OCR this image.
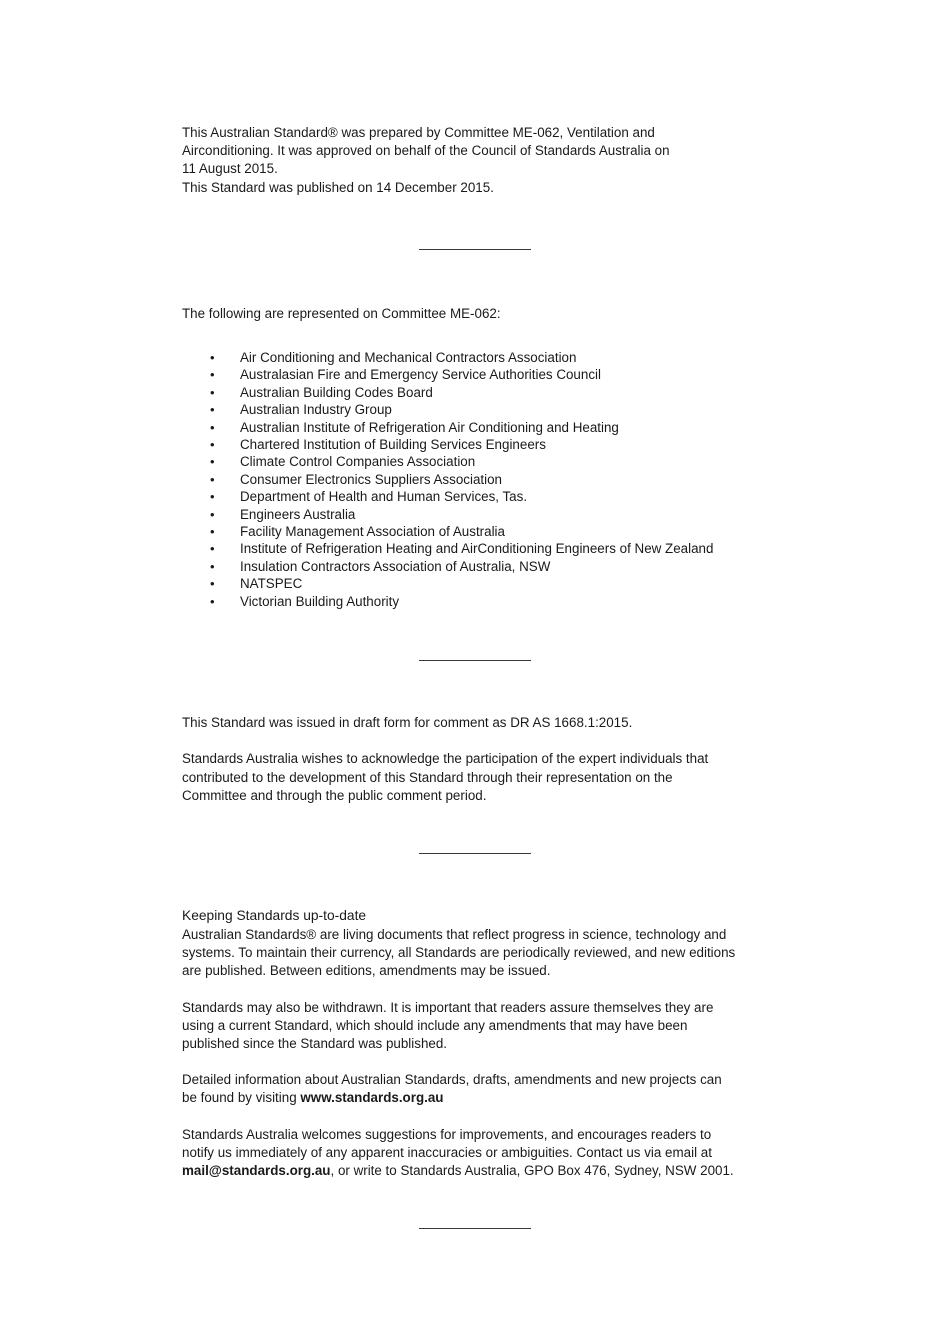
This Australian Standard® was prepared by Committee ME-062, Ventilation and

Airconditioning. It was approved on behalf of the Council of Standards Australia on

11 August 2015.

This Standard was published on 14 December 2015.

The following are represented on Committee ME-062:

• Air Conditioning and Mechanical Contractors Association
• Australasian Fire and Emergency Service Authorities Council
• Australian Building Codes Board
• Australian Industry Group
• Australian Institute of Refrigeration Air Conditioning and Heating
• Chartered Institution of Building Services Engineers
• Climate Control Companies Association
• Consumer Electronics Suppliers Association
• Department of Health and Human Services, Tas.
• Engineers Australia
• Facility Management Association of Australia
• Institute of Refrigeration Heating and AirConditioning Engineers of New Zealand
• Insulation Contractors Association of Australia, NSW
• NATSPEC
• Victorian Building Authority

This Standard was issued in draft form for comment as DR AS 1668.1:2015.

Standards Australia wishes to acknowledge the participation of the expert individuals that

contributed to the development of this Standard through their representation on the

Committee and through the public comment period.

Keeping Standards up-to-date

Australian Standards® are living documents that reflect progress in science, technology and

systems. To maintain their currency, all Standards are periodically reviewed, and new editions

are published. Between editions, amendments may be issued.

Standards may also be withdrawn. It is important that readers assure themselves they are

using a current Standard, which should include any amendments that may have been

published since the Standard was published.

Detailed information about Australian Standards, drafts, amendments and new projects can

be found by visiting www.standards.org.au

Standards Australia welcomes suggestions for improvements, and encourages readers to

notify us immediately of any apparent inaccuracies or ambiguities. Contact us via email at

mail@standards.org.au, or write to Standards Australia, GPO Box 476, Sydney, NSW 2001.
